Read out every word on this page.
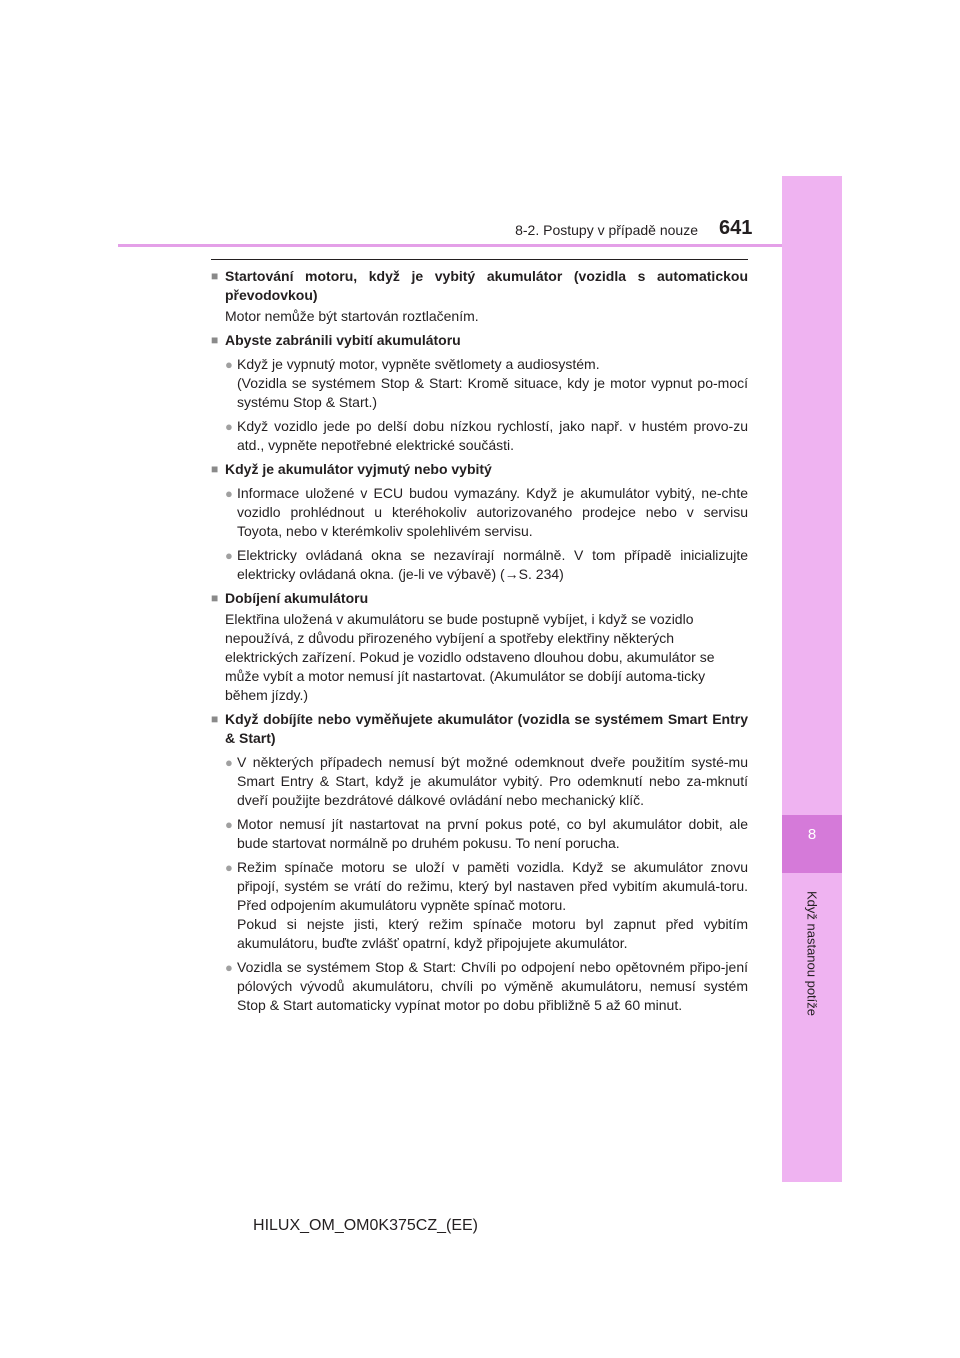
8
Když nastanou potíže
8-2. Postupy v případě nouze 641
■ Startování motoru, když je vybitý akumulátor (vozidla s automatickou převodovkou)
Motor nemůže být startován roztlačením.
■ Abyste zabránili vybití akumulátoru
● Když je vypnutý motor, vypněte světlomety a audiosystém.
(Vozidla se systémem Stop & Start: Kromě situace, kdy je motor vypnut po-mocí systému Stop & Start.)
● Když vozidlo jede po delší dobu nízkou rychlostí, jako např. v hustém provo-zu atd., vypněte nepotřebné elektrické součásti.
■ Když je akumulátor vyjmutý nebo vybitý
● Informace uložené v ECU budou vymazány. Když je akumulátor vybitý, ne-chte vozidlo prohlédnout u kteréhokoliv autorizovaného prodejce nebo v servisu Toyota, nebo v kterémkoliv spolehlivém servisu.
● Elektricky ovládaná okna se nezavírají normálně. V tom případě inicializujte elektricky ovládaná okna. (je-li ve výbavě) (→S. 234)
■ Dobíjení akumulátoru
Elektřina uložená v akumulátoru se bude postupně vybíjet, i když se vozidlo nepoužívá, z důvodu přirozeného vybíjení a spotřeby elektřiny některých elektrických zařízení. Pokud je vozidlo odstaveno dlouhou dobu, akumulátor se může vybít a motor nemusí jít nastartovat. (Akumulátor se dobíjí automa-ticky během jízdy.)
■ Když dobíjíte nebo vyměňujete akumulátor (vozidla se systémem Smart Entry & Start)
● V některých případech nemusí být možné odemknout dveře použitím systé-mu Smart Entry & Start, když je akumulátor vybitý. Pro odemknutí nebo za-mknutí dveří použijte bezdrátové dálkové ovládání nebo mechanický klíč.
● Motor nemusí jít nastartovat na první pokus poté, co byl akumulátor dobit, ale bude startovat normálně po druhém pokusu. To není porucha.
● Režim spínače motoru se uloží v paměti vozidla. Když se akumulátor znovu připojí, systém se vrátí do režimu, který byl nastaven před vybitím akumulá-toru. Před odpojením akumulátoru vypněte spínač motoru.
Pokud si nejste jisti, který režim spínače motoru byl zapnut před vybitím akumulátoru, buďte zvlášť opatrní, když připojujete akumulátor.
● Vozidla se systémem Stop & Start: Chvíli po odpojení nebo opětovném připo-jení pólových vývodů akumulátoru, chvíli po výměně akumulátoru, nemusí systém Stop & Start automaticky vypínat motor po dobu přibližně 5 až 60 minut.
HILUX_OM_OM0K375CZ_(EE)
